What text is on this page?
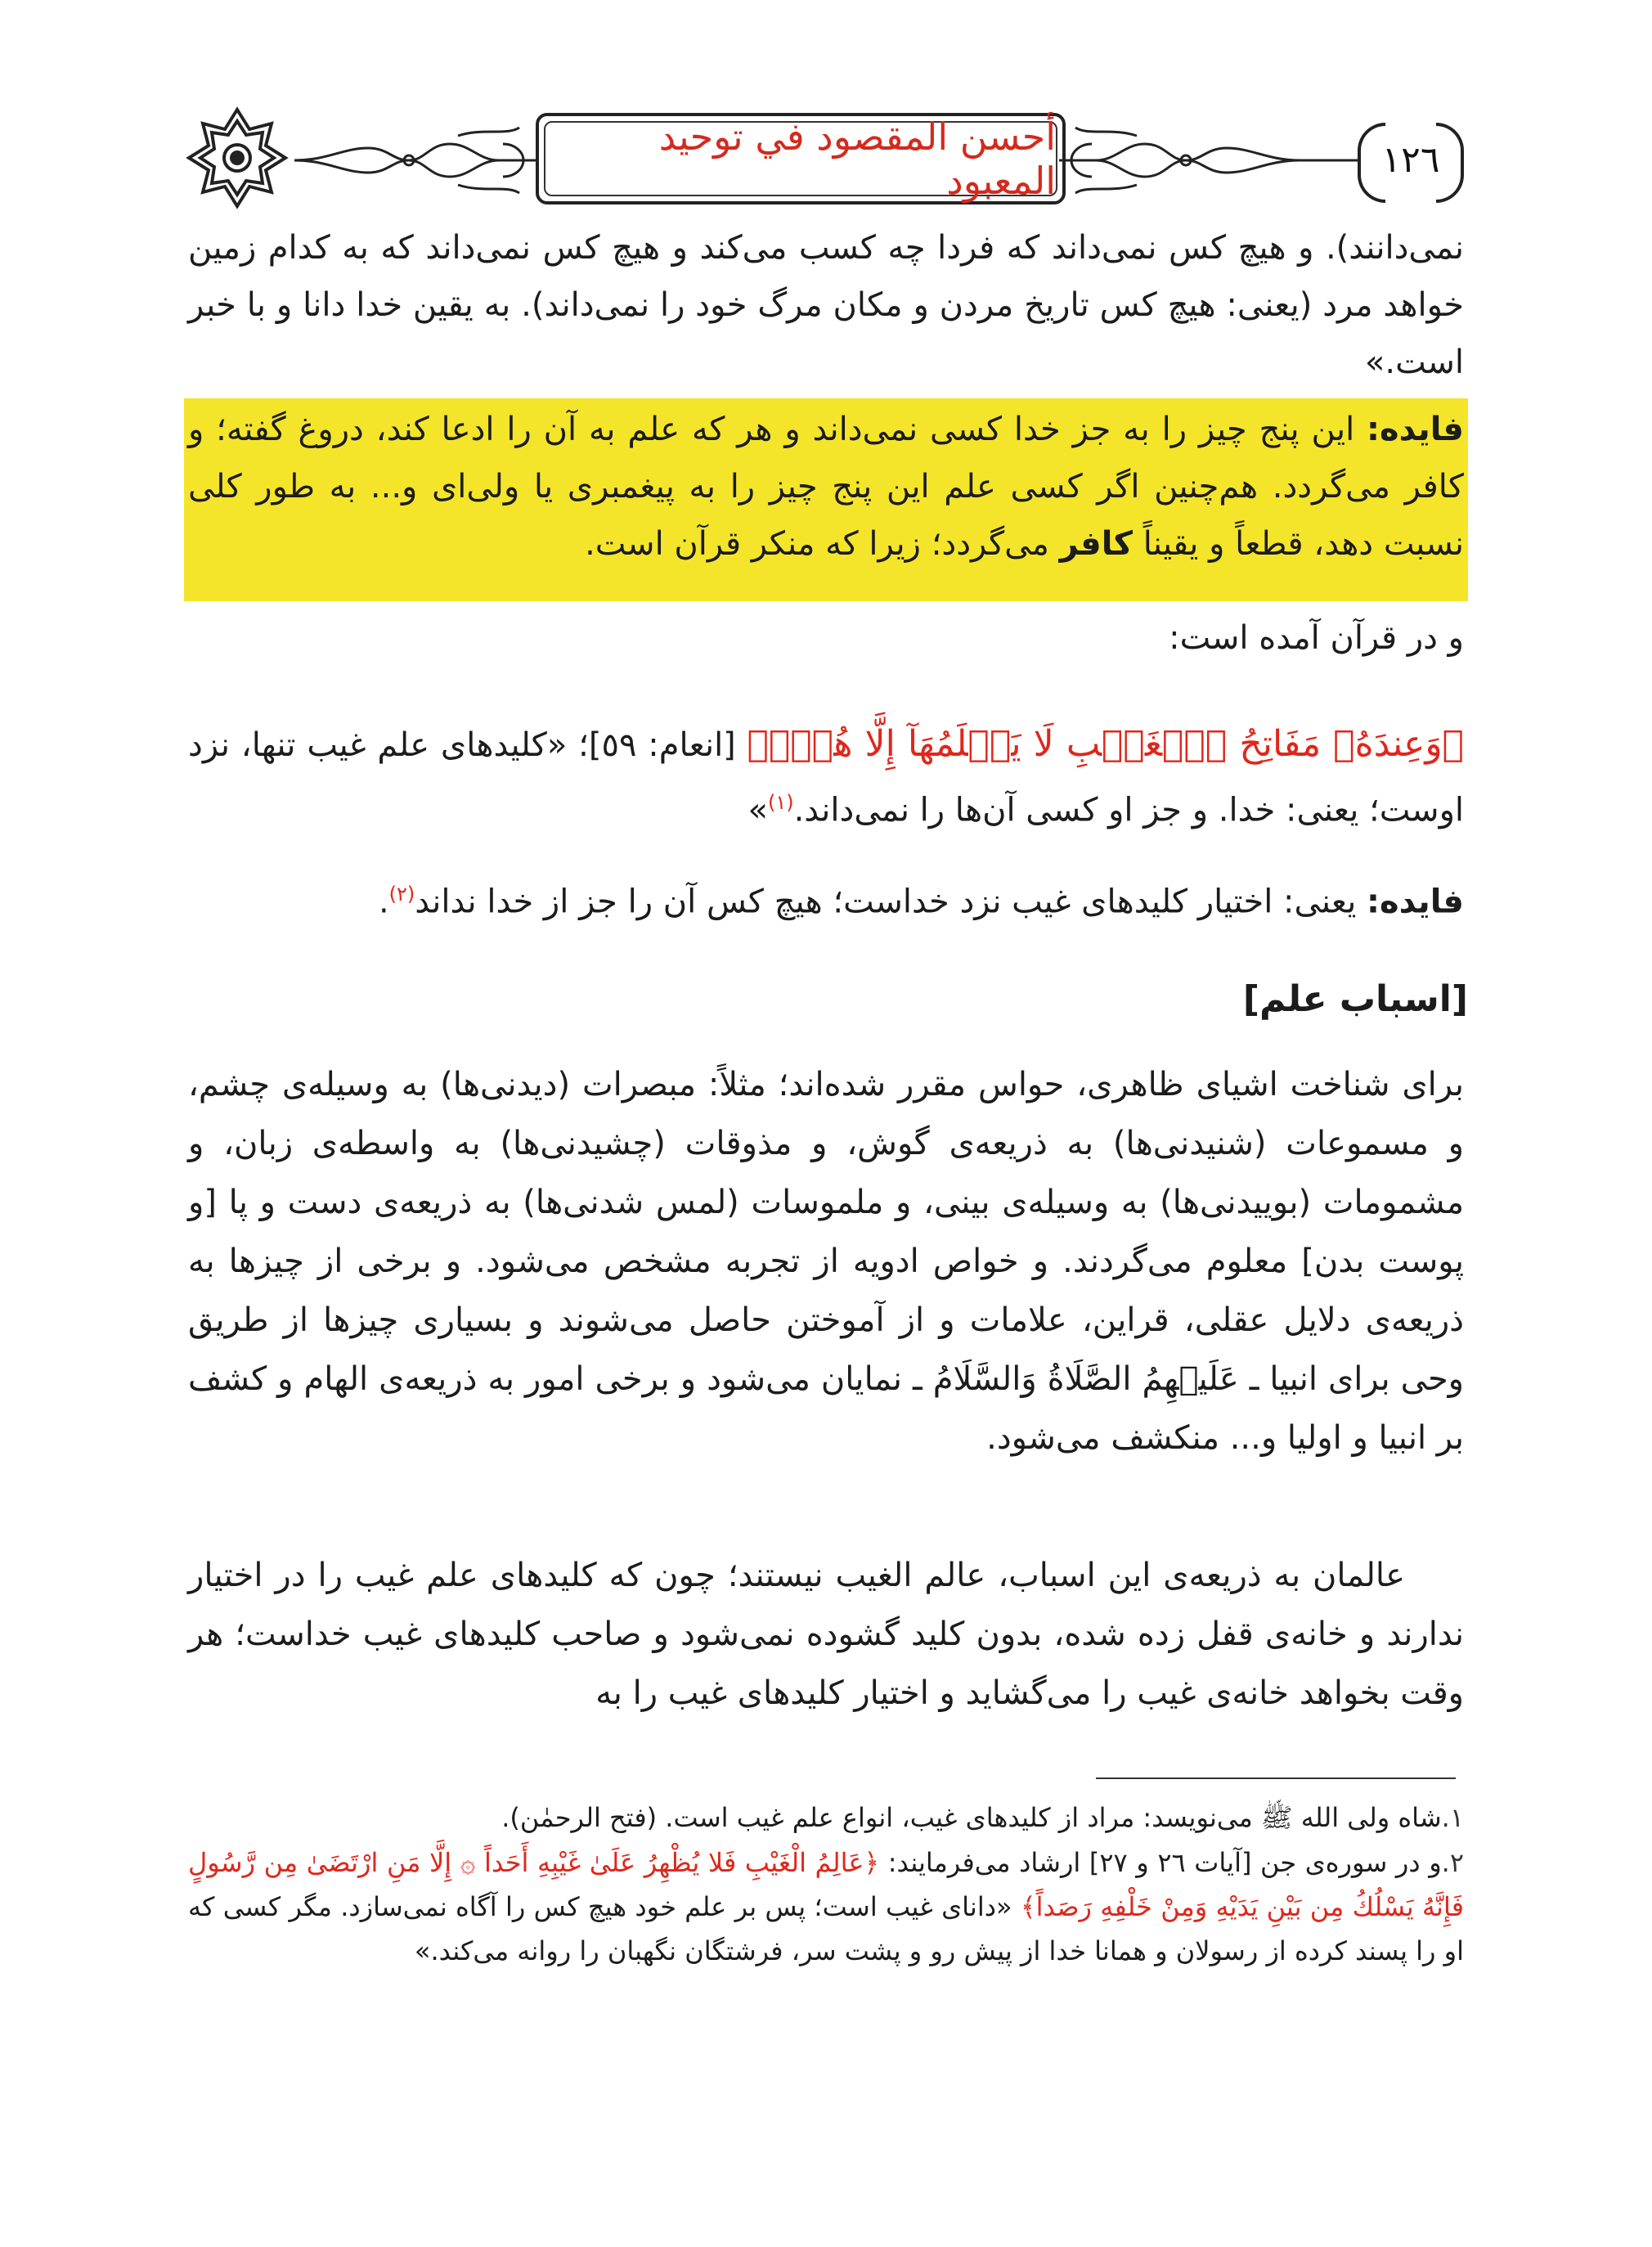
أحسن المقصود في توحيد المعبود	١٢٦

نمی‌دانند). و هیچ کس نمی‌داند که فردا چه کسب می‌کند و هیچ کس نمی‌داند که به کدام زمین خواهد مرد (یعنی: هیچ کس تاریخ مردن و مکان مرگ خود را نمی‌داند). به یقین خدا دانا و با خبر است.»

فایده: این پنج چیز را به جز خدا کسی نمی‌داند و هر که علم به آن را ادعا کند، دروغ گفته؛ و کافر می‌گردد. هم‌چنین اگر کسی علم این پنج چیز را به پیغمبری یا ولی‌ای و... به طور کلی نسبت دهد، قطعاً و یقیناً کافر می‌گردد؛ زیرا که منکر قرآن است.

و در قرآن آمده است:

﴿وَعِندَهُۥ مَفَاتِحُ ٱلۡغَيۡبِ لَا يَعۡلَمُهَآ إِلَّا هُوَۚ﴾ [انعام: ٥٩]؛ «کلیدهای علم غیب تنها، نزد اوست؛ یعنی: خدا. و جز او کسی آن‌ها را نمی‌داند.$^{(١)}$»

فایده: یعنی: اختیار کلیدهای غیب نزد خداست؛ هیچ کس آن را جز از خدا نداند$^{(٢)}$.

[اسباب علم]

برای شناخت اشیای ظاهری، حواس مقرر شده‌اند؛ مثلاً: مبصرات (دیدنی‌ها) به وسیله‌ی چشم، و مسموعات (شنیدنی‌ها) به ذریعه‌ی گوش، و مذوقات (چشیدنی‌ها) به واسطه‌ی زبان، و مشمومات (بوییدنی‌ها) به وسیله‌ی بینی، و ملموسات (لمس شدنی‌ها) به ذریعه‌ی دست و پا [و پوست بدن] معلوم می‌گردند. و خواص ادویه از تجربه مشخص می‌شود. و برخی از چیزها به ذریعه‌ی دلایل عقلی، قراین، علامات و از آموختن حاصل می‌شوند و بسیاری چیزها از طریق وحی برای انبیا ـ عَلَيۡهِمُ الصَّلَاةُ وَالسَّلَامُ ـ نمایان می‌شود و برخی امور به ذریعه‌ی الهام و کشف بر انبیا و اولیا و... منکشف می‌شود.

عالمان به ذریعه‌ی این اسباب، عالم الغیب نیستند؛ چون که کلیدهای علم غیب را در اختیار ندارند و خانه‌ی قفل زده شده، بدون کلید گشوده نمی‌شود و صاحب کلیدهای غیب خداست؛ هر وقت بخواهد خانه‌ی غیب را می‌گشاید و اختیار کلیدهای غیب را به

١.شاه ولی الله ﷺ می‌نویسد: مراد از کلیدهای غیب، انواع علم غیب است. (فتح الرحمٰن).

٢.و در سوره‌ی جن [آیات ٢٦ و ٢٧] ارشاد می‌فرمایند: ﴿عَالِمُ الْغَيْبِ فَلا يُظْهِرُ عَلَىٰ غَيْبِهِ أَحَداً ۞ إِلَّا مَنِ ارْتَضَىٰ مِن رَّسُولٍ فَإِنَّهُ يَسْلُكُ مِن بَيْنِ يَدَيْهِ وَمِنْ خَلْفِهِ رَصَداً﴾ «دانای غیب است؛ پس بر علم خود هیچ کس را آگاه نمی‌سازد. مگر کسی که او را پسند کرده از رسولان و همانا خدا از پیش رو و پشت سر، فرشتگان نگهبان را روانه می‌کند.»
